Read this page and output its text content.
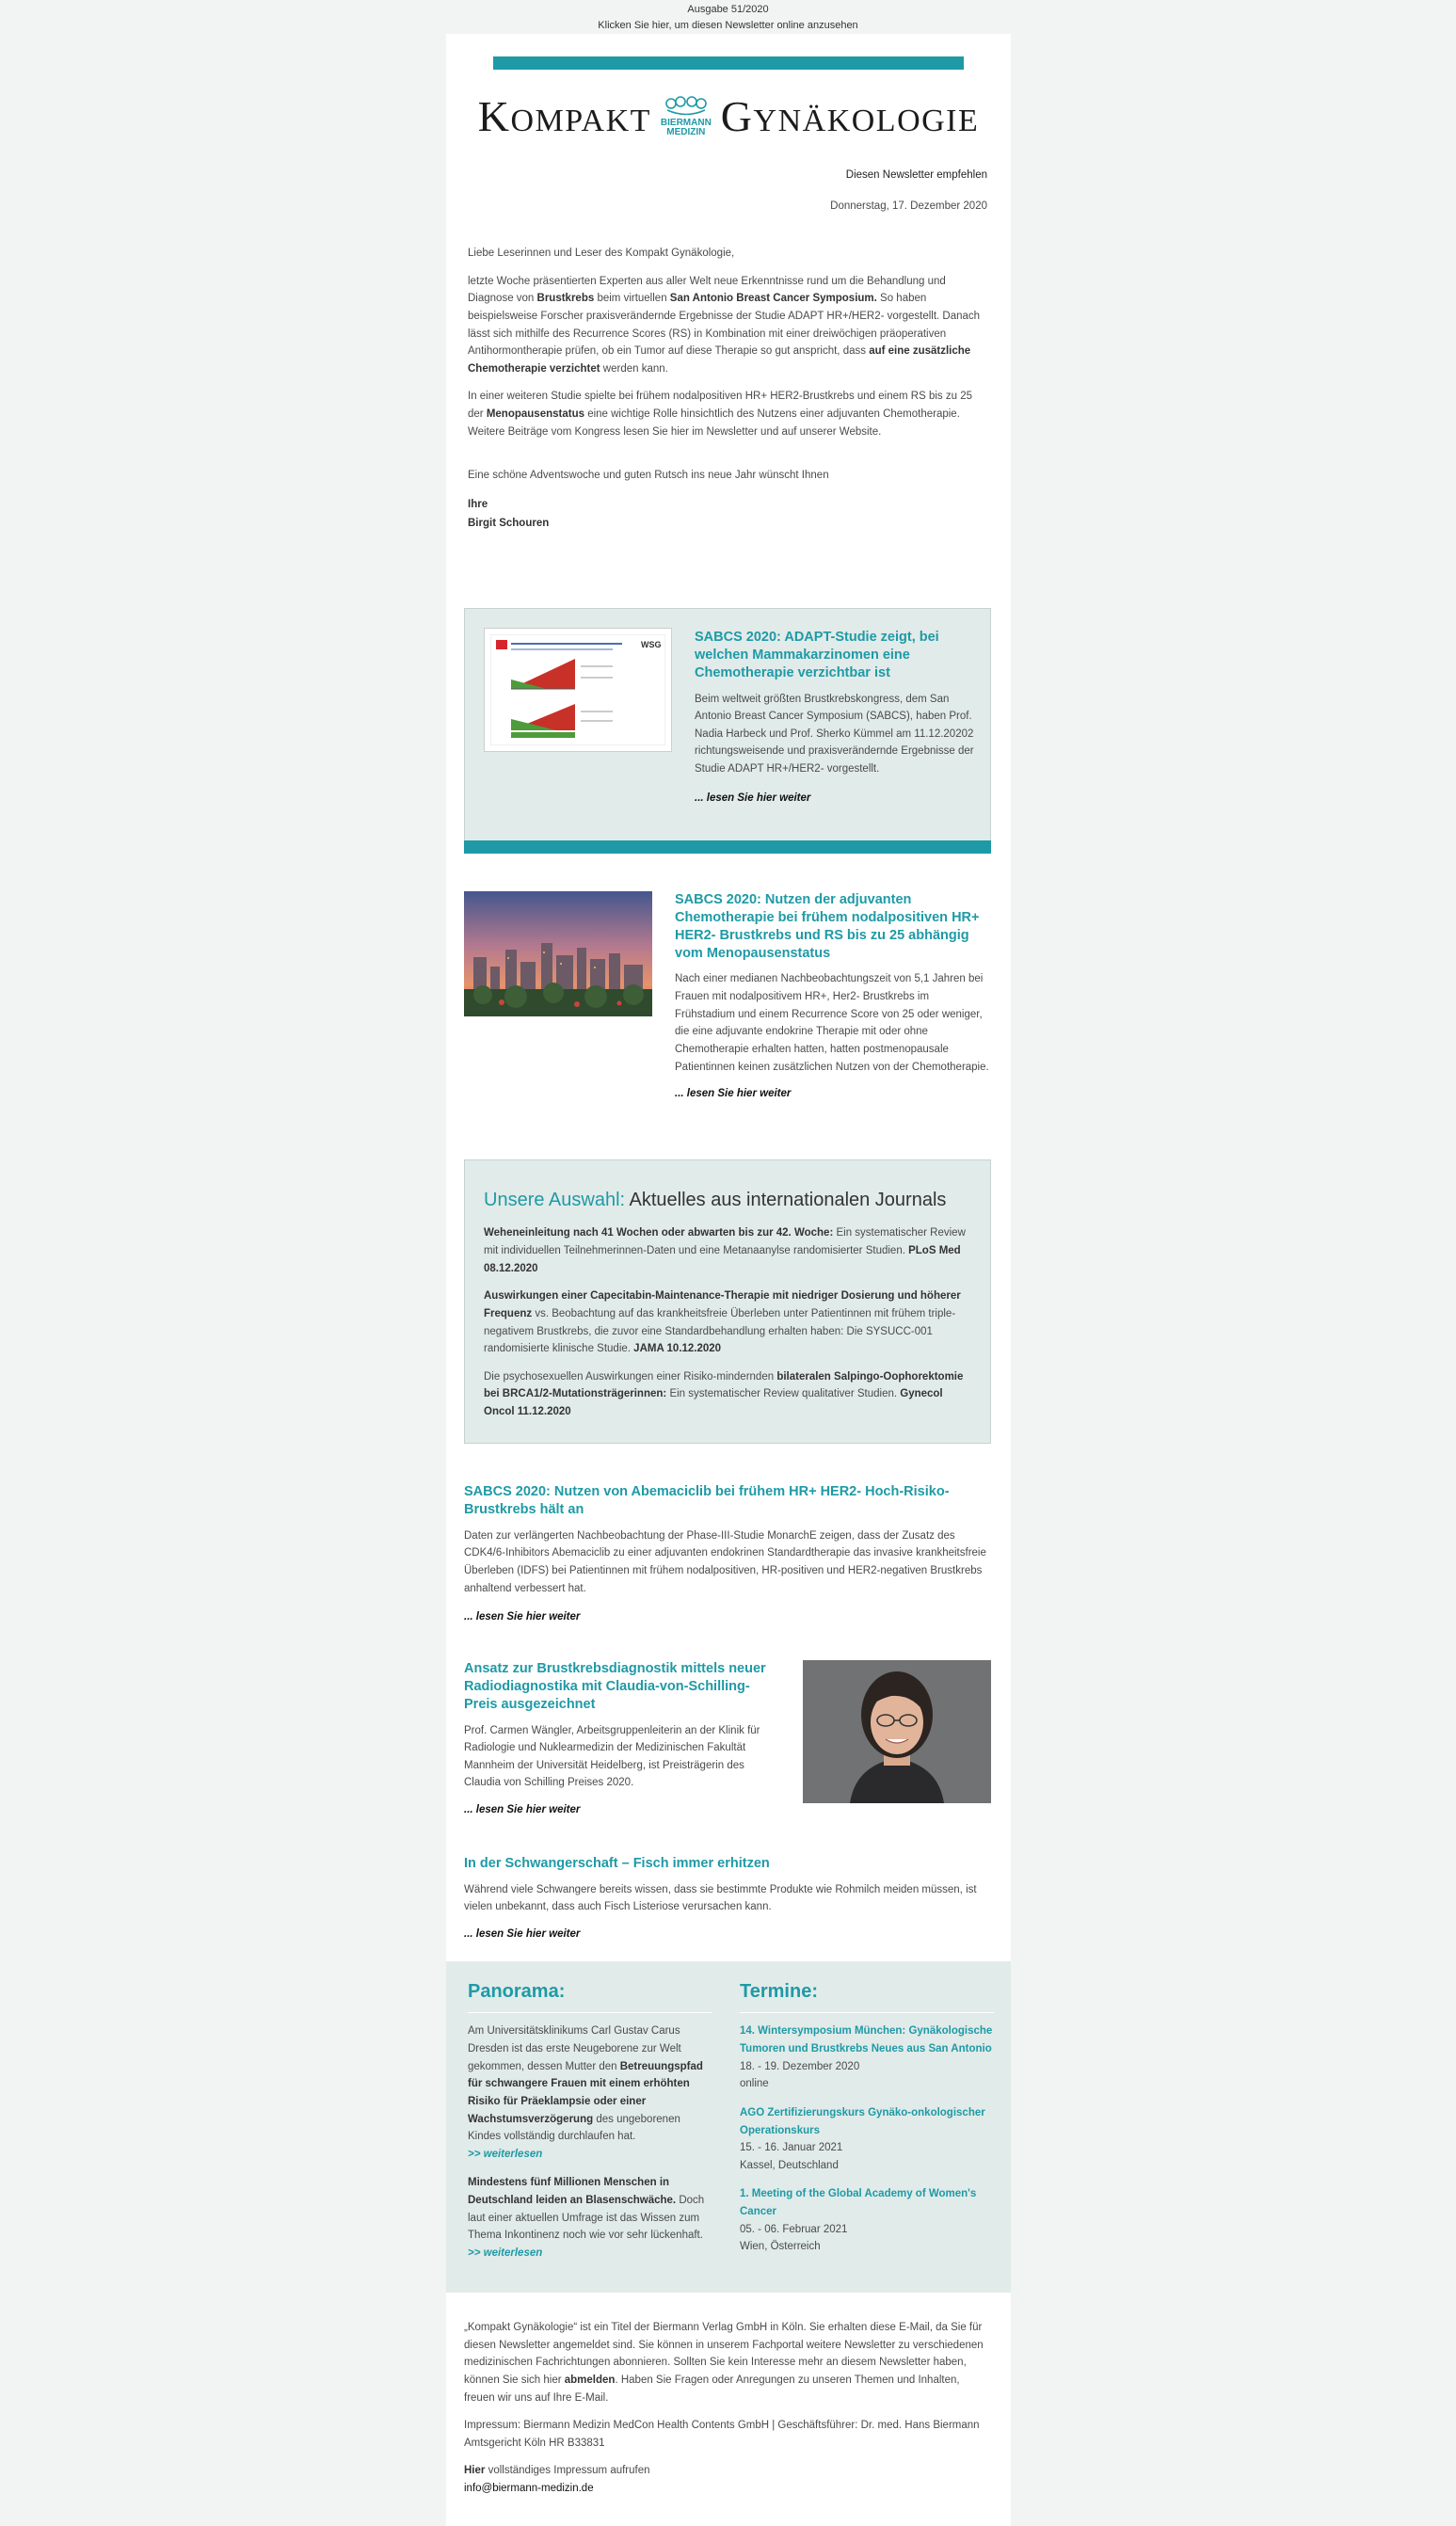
Ausgabe 51/2020
Klicken Sie hier, um diesen Newsletter online anzusehen
KOMPAKT BIERMANN
MEDIZIN GYNÄKOLOGIE
Diesen Newsletter empfehlen
Donnerstag, 17. Dezember 2020

Liebe Leserinnen und Leser des Kompakt Gynäkologie,

letzte Woche präsentierten Experten aus aller Welt neue Erkenntnisse rund um die Behandlung und Diagnose von Brustkrebs beim virtuellen San Antonio Breast Cancer Symposium. So haben beispielsweise Forscher praxisverändernde Ergebnisse der Studie ADAPT HR+/HER2- vorgestellt. Danach lässt sich mithilfe des Recurrence Scores (RS) in Kombination mit einer dreiwöchigen präoperativen Antihormontherapie prüfen, ob ein Tumor auf diese Therapie so gut anspricht, dass auf eine zusätzliche Chemotherapie verzichtet werden kann.

In einer weiteren Studie spielte bei frühem nodalpositiven HR+ HER2-Brustkrebs und einem RS bis zu 25 der Menopausenstatus eine wichtige Rolle hinsichtlich des Nutzens einer adjuvanten Chemotherapie. Weitere Beiträge vom Kongress lesen Sie hier im Newsletter und auf unserer Website.

Eine schöne Adventswoche und guten Rutsch ins neue Jahr wünscht Ihnen

Ihre
Birgit Schouren

WSG SABCS 2020: ADAPT-Studie zeigt, bei welchen Mammakarzinomen eine Chemotherapie verzichtbar ist

Beim weltweit größten Brustkrebskongress, dem San Antonio Breast Cancer Symposium (SABCS), haben Prof. Nadia Harbeck und Prof. Sherko Kümmel am 11.12.20202 richtungsweisende und praxisverändernde Ergebnisse der Studie ADAPT HR+/HER2- vorgestellt.

... lesen Sie hier weiter
SABCS 2020: Nutzen der adjuvanten Chemotherapie bei frühem nodalpositiven HR+ HER2- Brustkrebs und RS bis zu 25 abhängig vom Menopausenstatus

Nach einer medianen Nachbeobachtungszeit von 5,1 Jahren bei Frauen mit nodalpositivem HR+, Her2- Brustkrebs im Frühstadium und einem Recurrence Score von 25 oder weniger, die eine adjuvante endokrine Therapie mit oder ohne Chemotherapie erhalten hatten, hatten postmenopausale Patientinnen keinen zusätzlichen Nutzen von der Chemotherapie.

... lesen Sie hier weiter
Unsere Auswahl: Aktuelles aus internationalen Journals

Weheneinleitung nach 41 Wochen oder abwarten bis zur 42. Woche: Ein systematischer Review mit individuellen Teilnehmerinnen-Daten und eine Metanaanylse randomisierter Studien. PLoS Med 08.12.2020

Auswirkungen einer Capecitabin-Maintenance-Therapie mit niedriger Dosierung und höherer Frequenz vs. Beobachtung auf das krankheitsfreie Überleben unter Patientinnen mit frühem triple-negativem Brustkrebs, die zuvor eine Standardbehandlung erhalten haben: Die SYSUCC-001 randomisierte klinische Studie. JAMA 10.12.2020

Die psychosexuellen Auswirkungen einer Risiko-mindernden bilateralen Salpingo-Oophorektomie bei BRCA1/2-Mutationsträgerinnen: Ein systematischer Review qualitativer Studien. Gynecol Oncol 11.12.2020

SABCS 2020: Nutzen von Abemaciclib bei frühem HR+ HER2- Hoch-Risiko-Brustkrebs hält an

Daten zur verlängerten Nachbeobachtung der Phase-III-Studie MonarchE zeigen, dass der Zusatz des CDK4/6-Inhibitors Abemaciclib zu einer adjuvanten endokrinen Standardtherapie das invasive krankheitsfreie Überleben (IDFS) bei Patientinnen mit frühem nodalpositiven, HR-positiven und HER2-negativen Brustkrebs anhaltend verbessert hat.

... lesen Sie hier weiter
Ansatz zur Brustkrebsdiagnostik mittels neuer Radiodiagnostika mit Claudia-von-Schilling-Preis ausgezeichnet

Prof. Carmen Wängler, Arbeitsgruppenleiterin an der Klinik für Radiologie und Nuklearmedizin der Medizinischen Fakultät Mannheim der Universität Heidelberg, ist Preisträgerin des Claudia von Schilling Preises 2020.

... lesen Sie hier weiter
In der Schwangerschaft – Fisch immer erhitzen

Während viele Schwangere bereits wissen, dass sie bestimmte Produkte wie Rohmilch meiden müssen, ist vielen unbekannt, dass auch Fisch Listeriose verursachen kann.

... lesen Sie hier weiter
Panorama:

Am Universitätsklinikums Carl Gustav Carus Dresden ist das erste Neugeborene zur Welt gekommen, dessen Mutter den Betreuungspfad für schwangere Frauen mit einem erhöhten Risiko für Präeklampsie oder einer Wachstumsverzögerung des ungeborenen Kindes vollständig durchlaufen hat.

>> weiterlesen

Mindestens fünf Millionen Menschen in Deutschland leiden an Blasenschwäche. Doch laut einer aktuellen Umfrage ist das Wissen zum Thema Inkontinenz noch wie vor sehr lückenhaft.

>> weiterlesen
Termine:
14. Wintersymposium München: Gynäkologische Tumoren und Brustkrebs Neues aus San Antonio
18. - 19. Dezember 2020
online
AGO Zertifizierungskurs Gynäko-onkologischer Operationskurs
15. - 16. Januar 2021
Kassel, Deutschland
1. Meeting of the Global Academy of Women's Cancer
05. - 06. Februar 2021
Wien, Österreich

„Kompakt Gynäkologie“ ist ein Titel der Biermann Verlag GmbH in Köln. Sie erhalten diese E-Mail, da Sie für diesen Newsletter angemeldet sind. Sie können in unserem Fachportal weitere Newsletter zu verschiedenen medizinischen Fachrichtungen abonnieren. Sollten Sie kein Interesse mehr an diesem Newsletter haben, können Sie sich hier abmelden. Haben Sie Fragen oder Anregungen zu unseren Themen und Inhalten, freuen wir uns auf Ihre E-Mail.

Impressum: Biermann Medizin MedCon Health Contents GmbH | Geschäftsführer: Dr. med. Hans Biermann Amtsgericht Köln HR B33831

Hier vollständiges Impressum aufrufen
info@biermann-medizin.de
